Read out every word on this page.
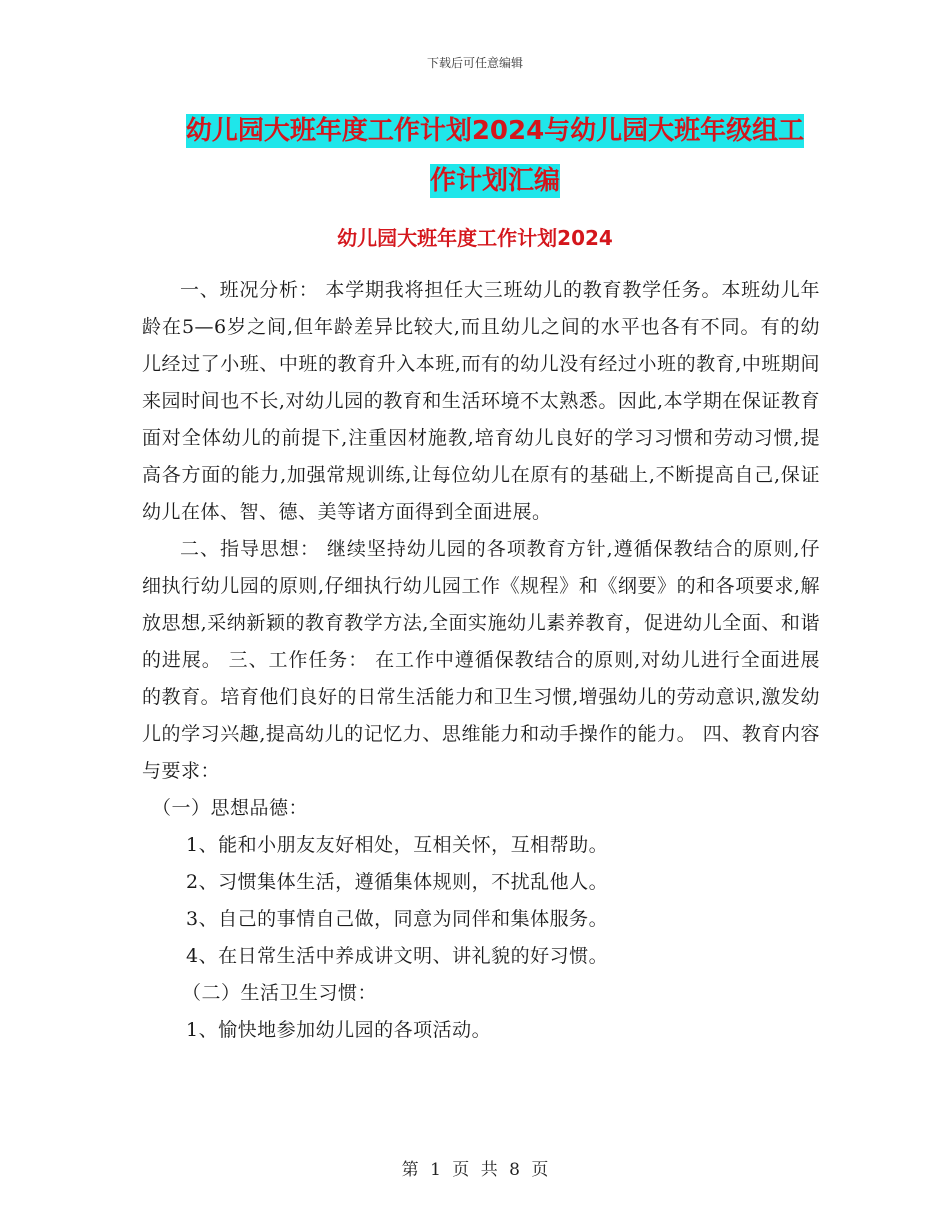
下载后可任意编辑
幼儿园大班年度工作计划2024与幼儿园大班年级组工
作计划汇编
幼儿园大班年度工作计划2024

一、班况分析： 本学期我将担任大三班幼儿的教育教学任务。本班幼儿年龄在5—6岁之间,但年龄差异比较大,而且幼儿之间的水平也各有不同。有的幼儿经过了小班、中班的教育升入本班,而有的幼儿没有经过小班的教育,中班期间来园时间也不长,对幼儿园的教育和生活环境不太熟悉。因此,本学期在保证教育面对全体幼儿的前提下,注重因材施教,培育幼儿良好的学习习惯和劳动习惯,提高各方面的能力,加强常规训练,让每位幼儿在原有的基础上,不断提高自己,保证幼儿在体、智、德、美等诸方面得到全面进展。

二、指导思想： 继续坚持幼儿园的各项教育方针,遵循保教结合的原则,仔细执行幼儿园的原则,仔细执行幼儿园工作《规程》和《纲要》的和各项要求,解放思想,采纳新颖的教育教学方法,全面实施幼儿素养教育，促进幼儿全面、和谐的进展。 三、工作任务： 在工作中遵循保教结合的原则,对幼儿进行全面进展的教育。培育他们良好的日常生活能力和卫生习惯,增强幼儿的劳动意识,激发幼儿的学习兴趣,提高幼儿的记忆力、思维能力和动手操作的能力。 四、教育内容与要求：

（一）思想品德：

1、能和小朋友友好相处，互相关怀，互相帮助。

2、习惯集体生活，遵循集体规则，不扰乱他人。

3、自己的事情自己做，同意为同伴和集体服务。

4、在日常生活中养成讲文明、讲礼貌的好习惯。

（二）生活卫生习惯：

1、愉快地参加幼儿园的各项活动。

第 1 页 共 8 页
